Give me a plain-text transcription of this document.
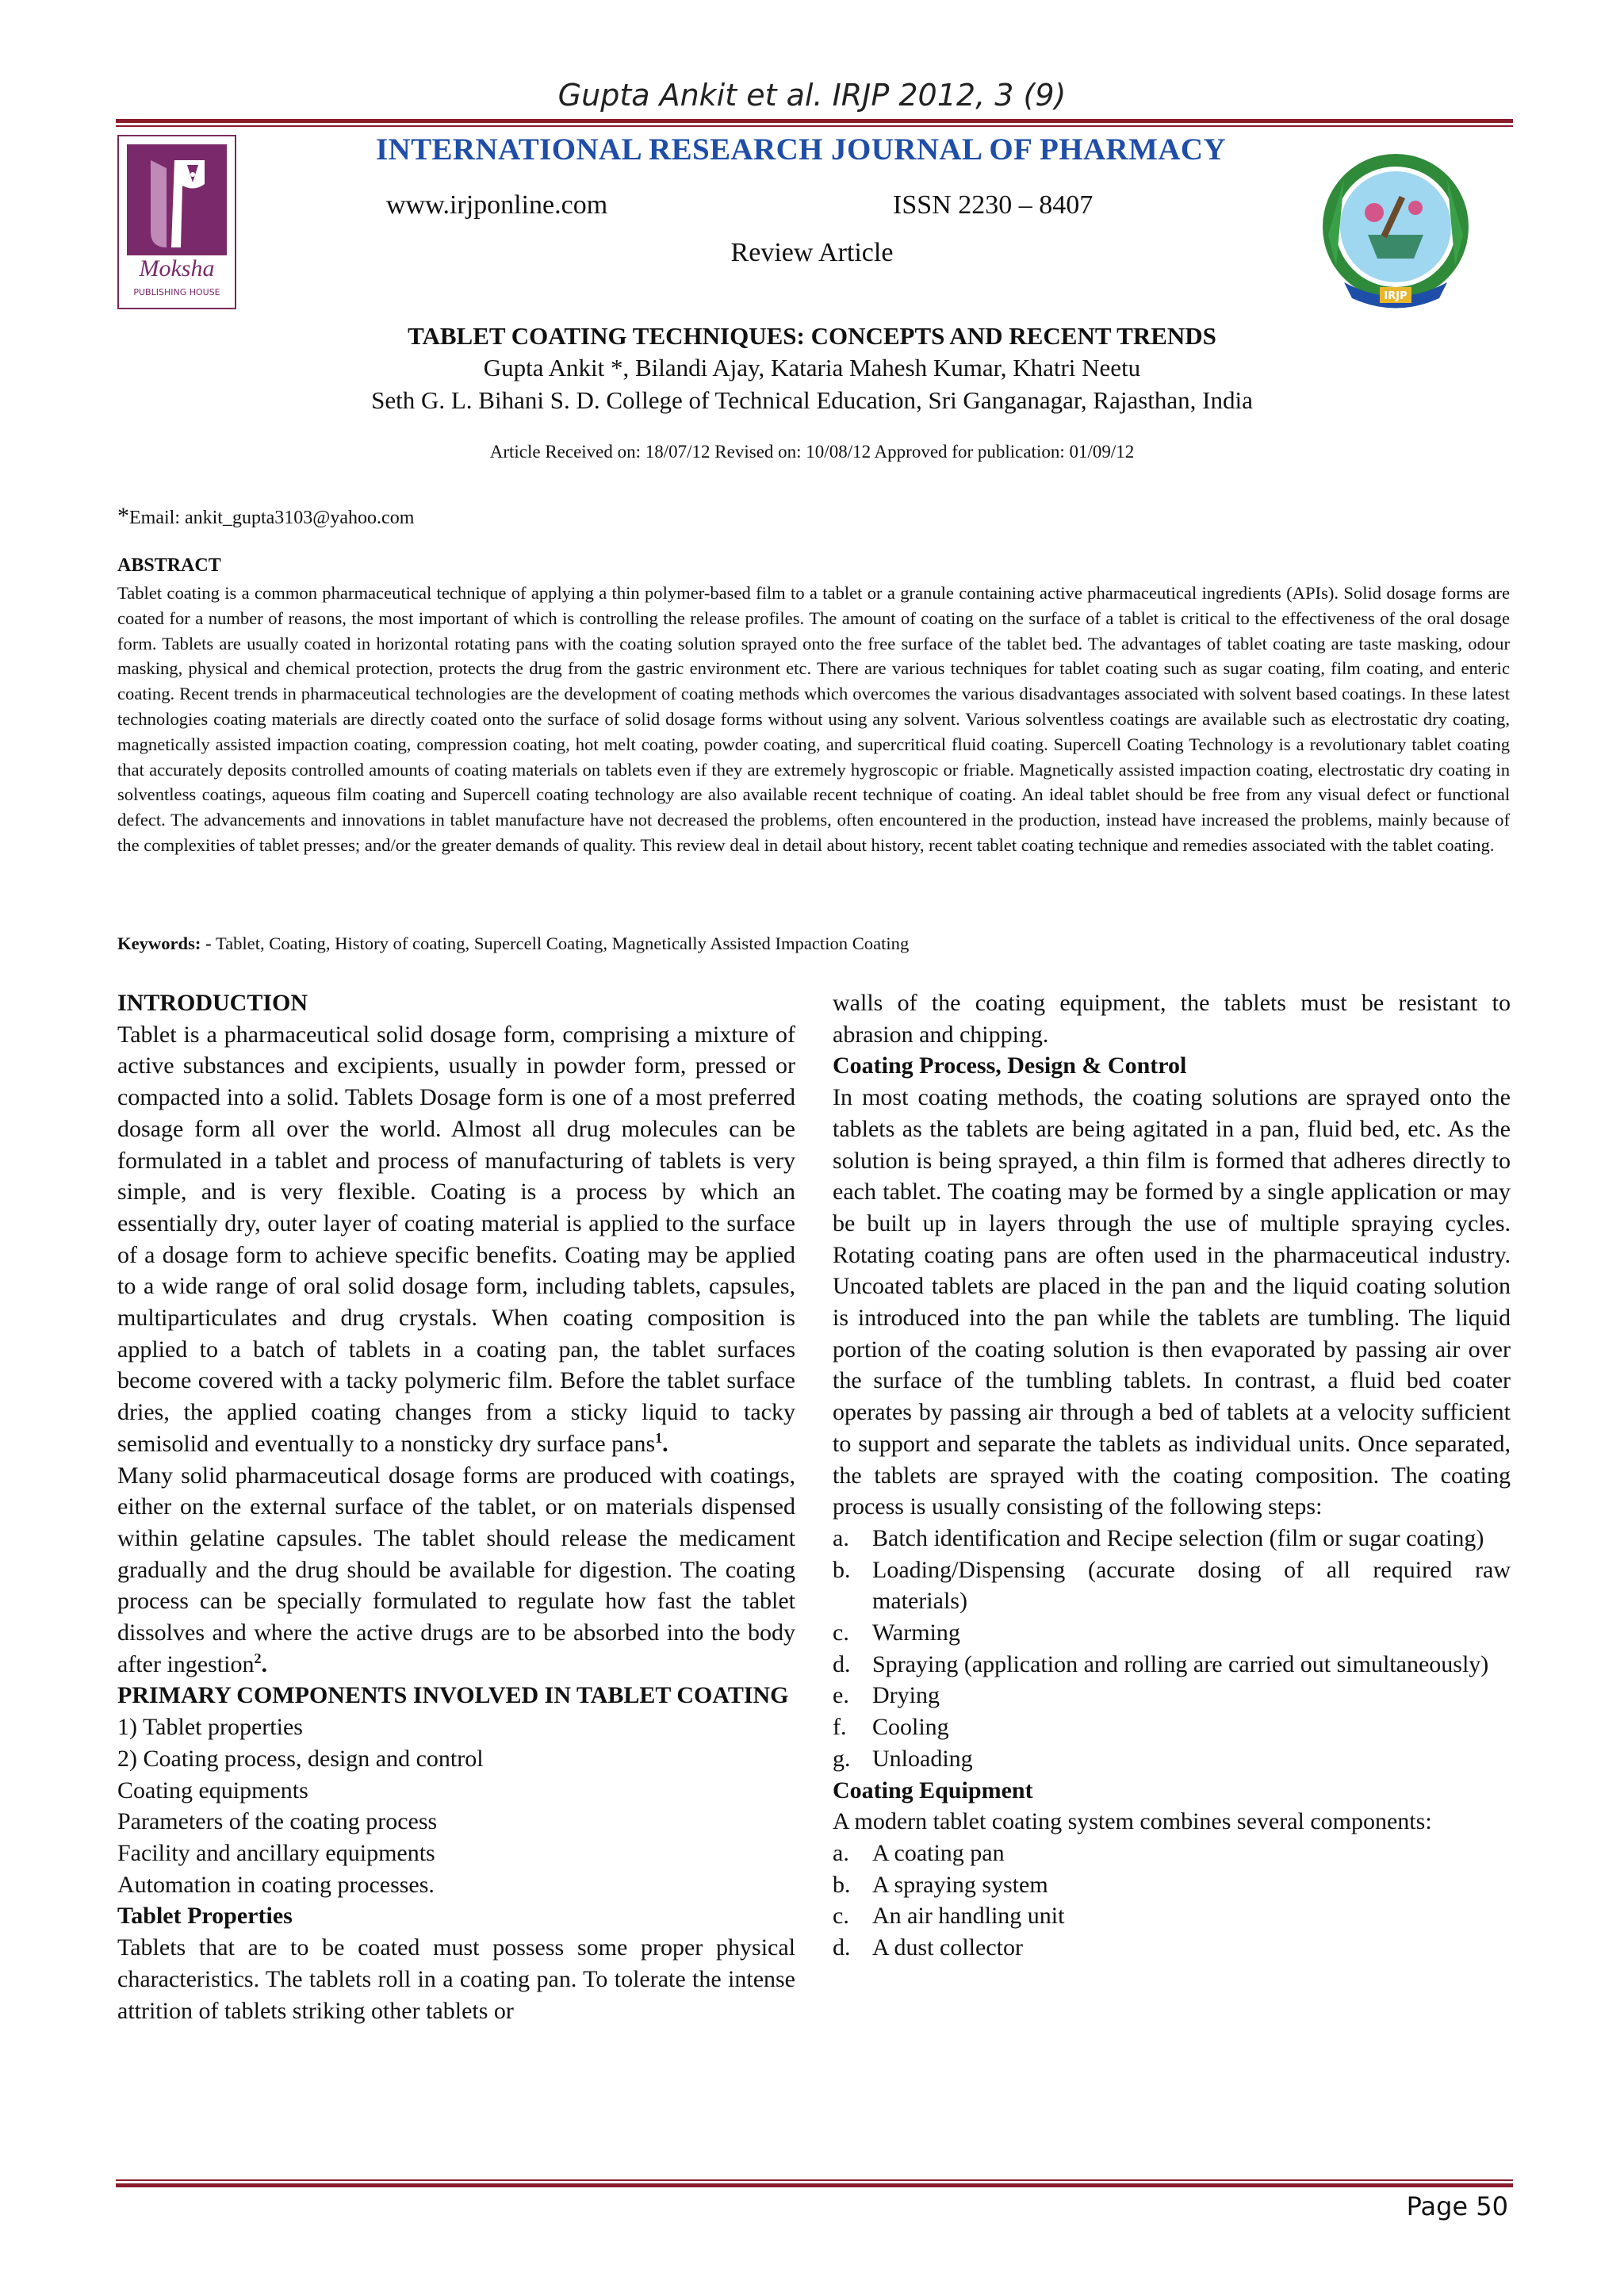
Gupta Ankit et al. IRJP 2012, 3 (9)
Moksha
PUBLISHING HOUSE
INTERNATIONAL RESEARCH JOURNAL OF PHARMACY
www.irjponline.com	ISSN 2230 – 8407
Review Article
IRJP
TABLET COATING TECHNIQUES: CONCEPTS AND RECENT TRENDS
Gupta Ankit *, Bilandi Ajay, Kataria Mahesh Kumar, Khatri Neetu
Seth G. L. Bihani S. D. College of Technical Education, Sri Ganganagar, Rajasthan, India
Article Received on: 18/07/12 Revised on: 10/08/12 Approved for publication: 01/09/12
*Email: ankit_gupta3103@yahoo.com
ABSTRACT
Tablet coating is a common pharmaceutical technique of applying a thin polymer-based film to a tablet or a granule containing active pharmaceutical ingredients (APIs). Solid dosage forms are coated for a number of reasons, the most important of which is controlling the release profiles. The amount of coating on the surface of a tablet is critical to the effectiveness of the oral dosage form. Tablets are usually coated in horizontal rotating pans with the coating solution sprayed onto the free surface of the tablet bed. The advantages of tablet coating are taste masking, odour masking, physical and chemical protection, protects the drug from the gastric environment etc. There are various techniques for tablet coating such as sugar coating, film coating, and enteric coating. Recent trends in pharmaceutical technologies are the development of coating methods which overcomes the various disadvantages associated with solvent based coatings. In these latest technologies coating materials are directly coated onto the surface of solid dosage forms without using any solvent. Various solventless coatings are available such as electrostatic dry coating, magnetically assisted impaction coating, compression coating, hot melt coating, powder coating, and supercritical fluid coating. Supercell Coating Technology is a revolutionary tablet coating that accurately deposits controlled amounts of coating materials on tablets even if they are extremely hygroscopic or friable. Magnetically assisted impaction coating, electrostatic dry coating in solventless coatings, aqueous film coating and Supercell coating technology are also available recent technique of coating. An ideal tablet should be free from any visual defect or functional defect. The advancements and innovations in tablet manufacture have not decreased the problems, often encountered in the production, instead have increased the problems, mainly because of the complexities of tablet presses; and/or the greater demands of quality. This review deal in detail about history, recent tablet coating technique and remedies associated with the tablet coating.
Keywords: - Tablet, Coating, History of coating, Supercell Coating, Magnetically Assisted Impaction Coating

INTRODUCTION

Tablet is a pharmaceutical solid dosage form, comprising a mixture of active substances and excipients, usually in powder form, pressed or compacted into a solid. Tablets Dosage form is one of a most preferred dosage form all over the world. Almost all drug molecules can be formulated in a tablet and process of manufacturing of tablets is very simple, and is very flexible. Coating is a process by which an essentially dry, outer layer of coating material is applied to the surface of a dosage form to achieve specific benefits. Coating may be applied to a wide range of oral solid dosage form, including tablets, capsules, multiparticulates and drug crystals. When coating composition is applied to a batch of tablets in a coating pan, the tablet surfaces become covered with a tacky polymeric film. Before the tablet surface dries, the applied coating changes from a sticky liquid to tacky semisolid and eventually to a nonsticky dry surface pans$^1$.

Many solid pharmaceutical dosage forms are produced with coatings, either on the external surface of the tablet, or on materials dispensed within gelatine capsules. The tablet should release the medicament gradually and the drug should be available for digestion. The coating process can be specially formulated to regulate how fast the tablet dissolves and where the active drugs are to be absorbed into the body after ingestion$^2$.

PRIMARY COMPONENTS INVOLVED IN TABLET COATING

1) Tablet properties

2) Coating process, design and control

Coating equipments

Parameters of the coating process

Facility and ancillary equipments

Automation in coating processes.

Tablet Properties

Tablets that are to be coated must possess some proper physical characteristics. The tablets roll in a coating pan. To tolerate the intense attrition of tablets striking other tablets or

walls of the coating equipment, the tablets must be resistant to abrasion and chipping.

Coating Process, Design & Control

In most coating methods, the coating solutions are sprayed onto the tablets as the tablets are being agitated in a pan, fluid bed, etc. As the solution is being sprayed, a thin film is formed that adheres directly to each tablet. The coating may be formed by a single application or may be built up in layers through the use of multiple spraying cycles. Rotating coating pans are often used in the pharmaceutical industry. Uncoated tablets are placed in the pan and the liquid coating solution is introduced into the pan while the tablets are tumbling. The liquid portion of the coating solution is then evaporated by passing air over the surface of the tumbling tablets. In contrast, a fluid bed coater operates by passing air through a bed of tablets at a velocity sufficient to support and separate the tablets as individual units. Once separated, the tablets are sprayed with the coating composition. The coating process is usually consisting of the following steps:

a. Batch identification and Recipe selection (film or sugar coating)
b. Loading/Dispensing (accurate dosing of all required raw materials)
c. Warming
d. Spraying (application and rolling are carried out simultaneously)
e. Drying
f.	Cooling
g. Unloading

Coating Equipment

A modern tablet coating system combines several components:

a. A coating pan
b. A spraying system
c. An air handling unit
d. A dust collector
Page 50
